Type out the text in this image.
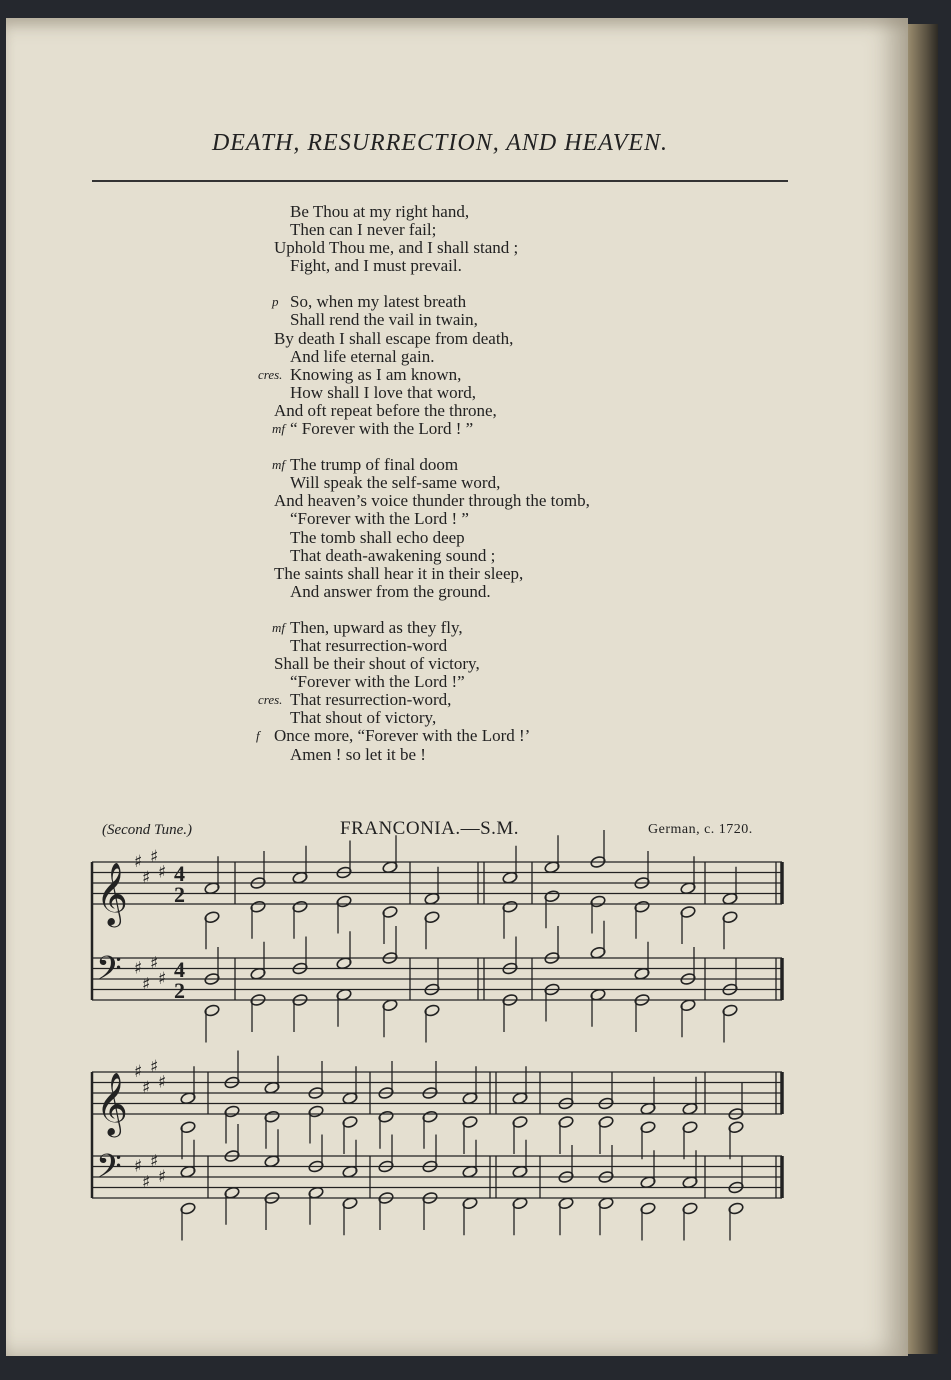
DEATH, RESURRECTION, AND HEAVEN.
Be Thou at my right hand,
Then can I never fail;
Uphold Thou me, and I shall stand ;
Fight, and I must prevail.
p So, when my latest breath
Shall rend the vail in twain,
By death I shall escape from death,
And life eternal gain.
cres. Knowing as I am known,
How shall I love that word,
And oft repeat before the throne,
mf “ Forever with the Lord ! ”
mf The trump of final doom
Will speak the self-same word,
And heaven’s voice thunder through the tomb,
“Forever with the Lord ! ”
The tomb shall echo deep
That death-awakening sound ;
The saints shall hear it in their sleep,
And answer from the ground.
mf Then, upward as they fly,
That resurrection-word
Shall be their shout of victory,
“Forever with the Lord !”
cres. That resurrection-word,
That shout of victory,
f Once more, “Forever with the Lord !’
Amen ! so let it be !
(Second Tune.)	FRANCONIA.—S.M.	German, c. 1720.
𝄞 ♯
♯
♯
♯ 4
2
𝄢 ♯
♯
♯
♯ 4
2
𝄞 ♯
♯
♯
♯
𝄢 ♯
♯
♯
♯
